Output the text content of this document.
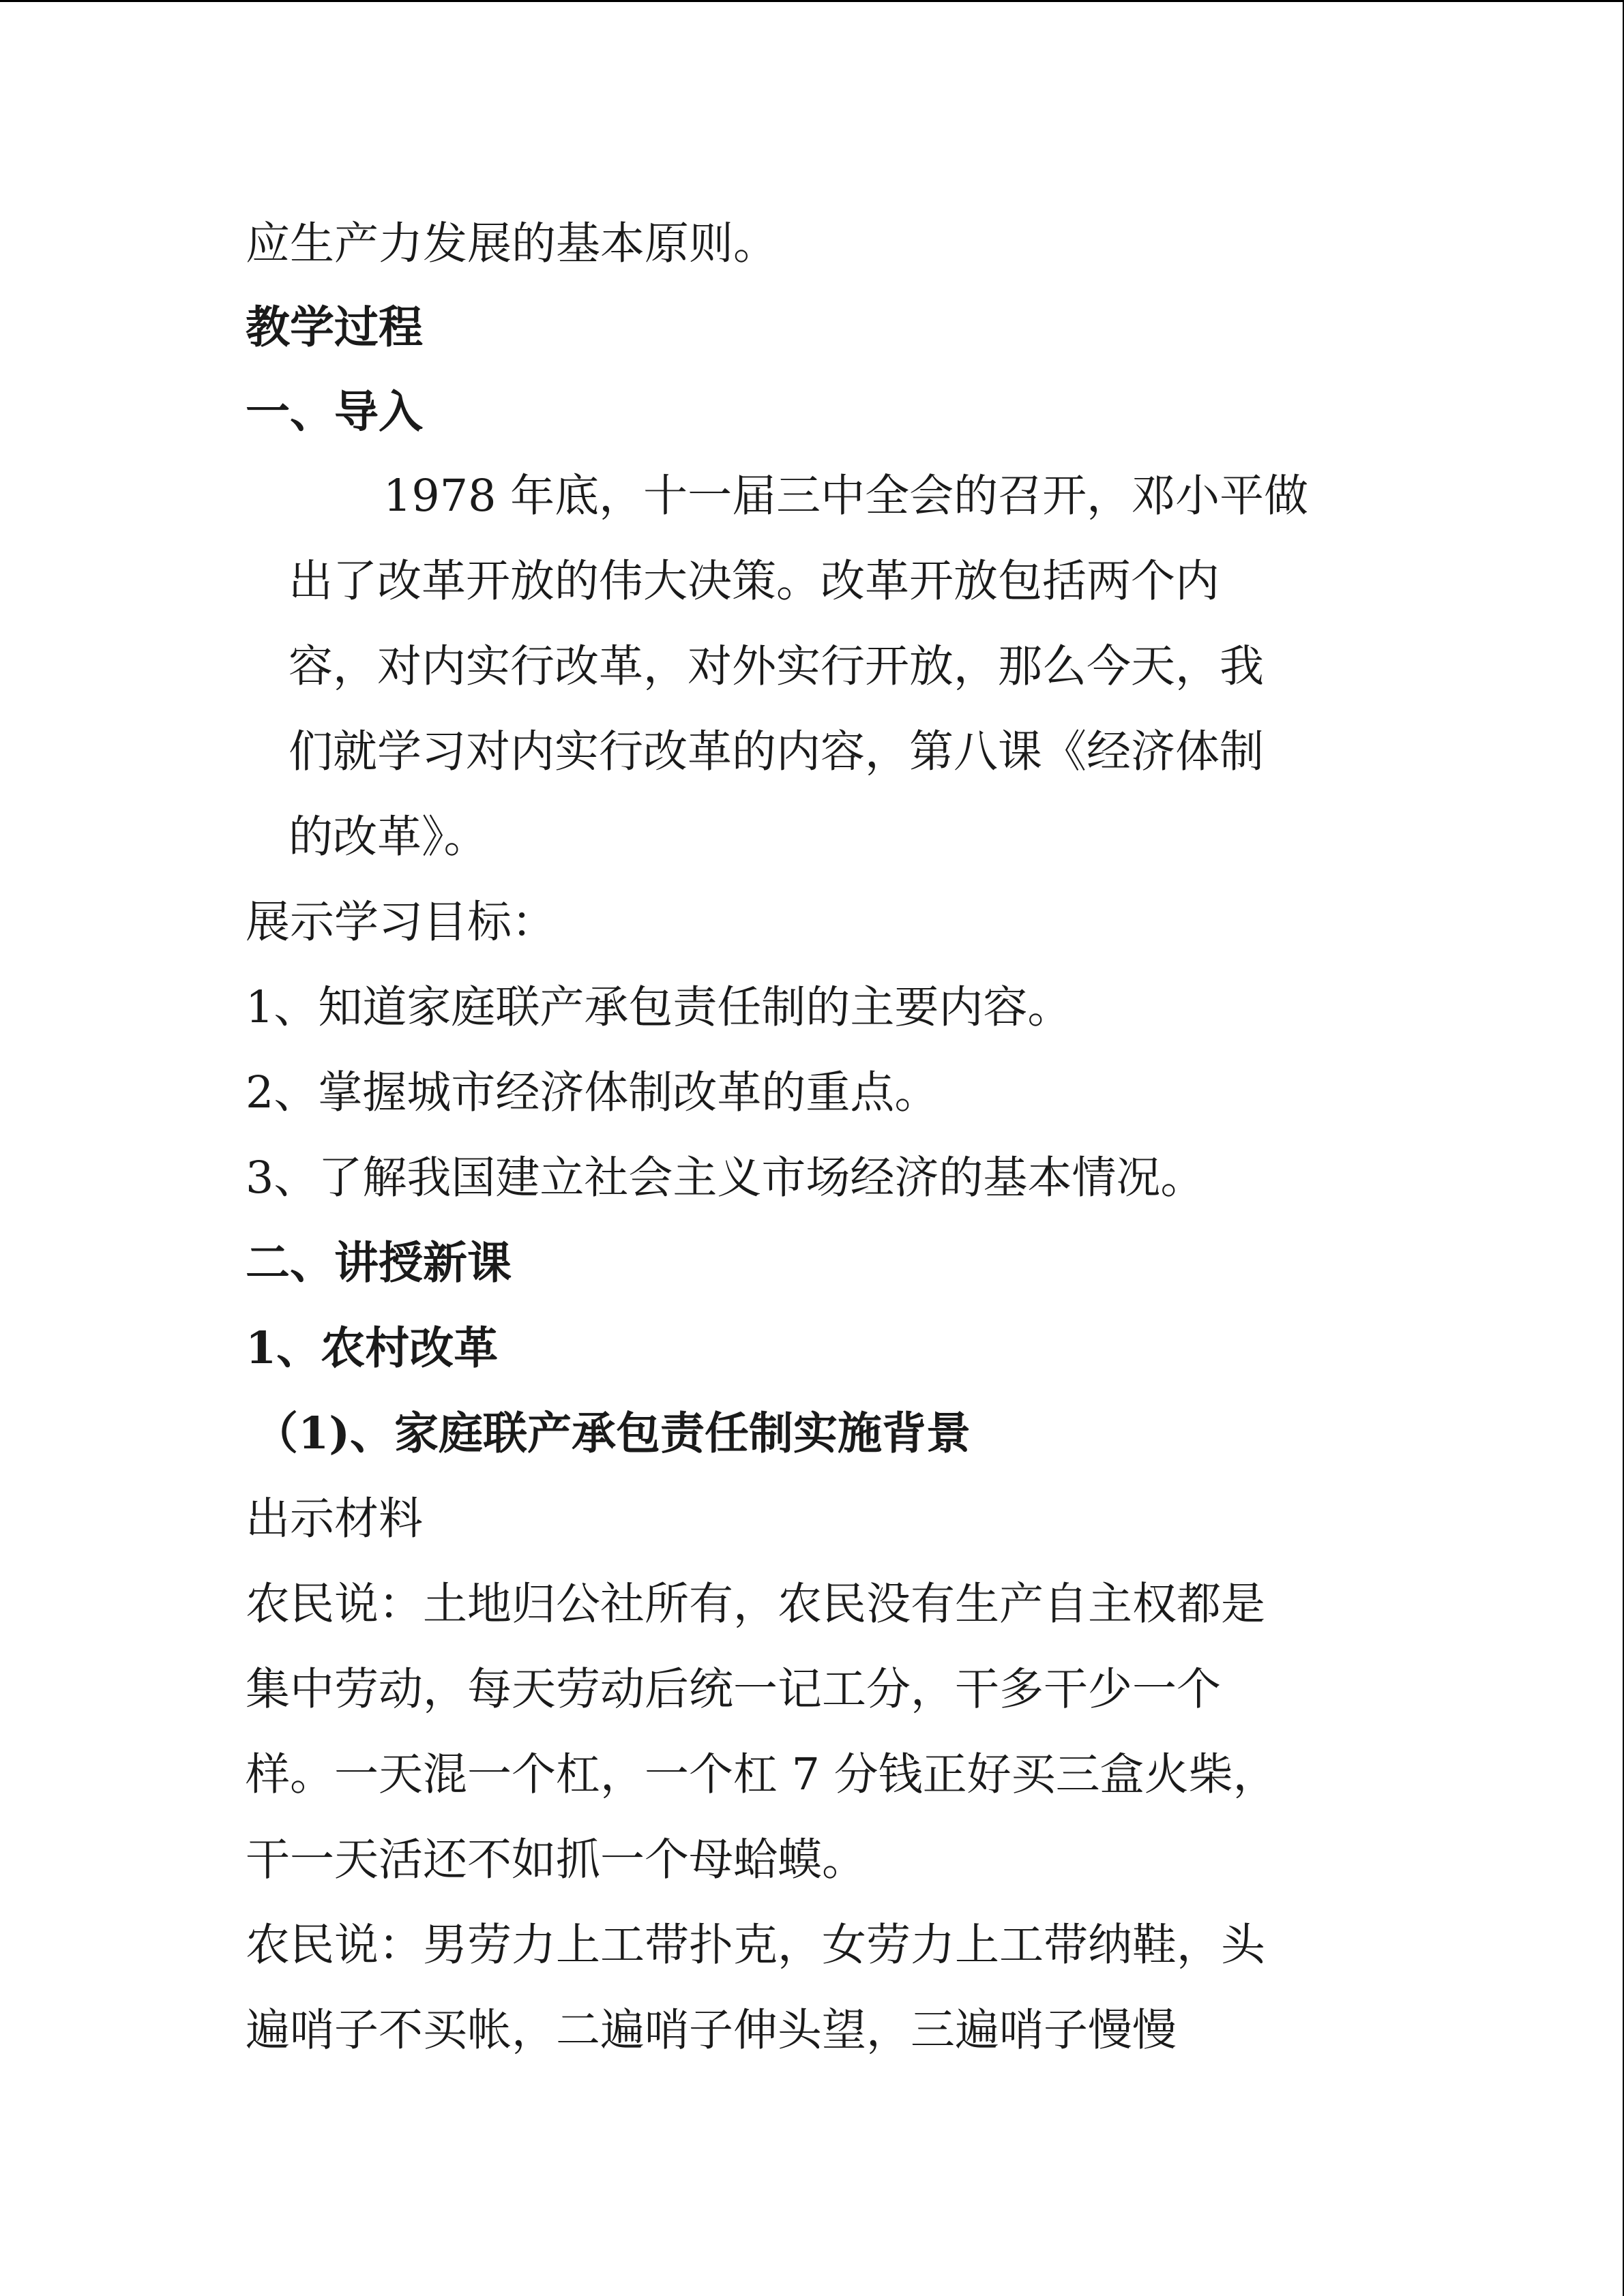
应生产力发展的基本原则。
教学过程
一、导入
1978 年底，十一届三中全会的召开，邓小平做
出了改革开放的伟大决策。改革开放包括两个内
容，对内实行改革，对外实行开放，那么今天，我
们就学习对内实行改革的内容，第八课《经济体制
的改革》。
展示学习目标：
1、知道家庭联产承包责任制的主要内容。
2、掌握城市经济体制改革的重点。
3、了解我国建立社会主义市场经济的基本情况。
二、讲授新课
1、农村改革
（1)、家庭联产承包责任制实施背景
出示材料
农民说：土地归公社所有，农民没有生产自主权都是
集中劳动，每天劳动后统一记工分，干多干少一个
样。一天混一个杠，一个杠 7 分钱正好买三盒火柴，
干一天活还不如抓一个母蛤蟆。
农民说：男劳力上工带扑克，女劳力上工带纳鞋，头
遍哨子不买帐，二遍哨子伸头望，三遍哨子慢慢
